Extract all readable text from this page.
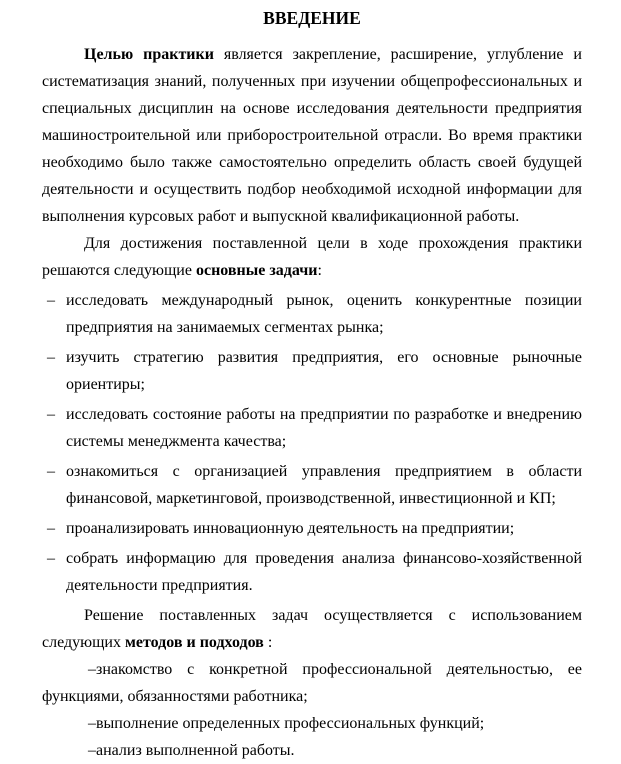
ВВЕДЕНИЕ

Целью практики является закрепление, расширение, углубление и систематизация знаний, полученных при изучении общепрофессиональных и специальных дисциплин на основе исследования деятельности предприятия машиностроительной или приборостроительной отрасли. Во время практики необходимо было также самостоятельно определить область своей будущей деятельности и осуществить подбор необходимой исходной информации для выполнения курсовых работ и выпускной квалификационной работы.

Для достижения поставленной цели в ходе прохождения практики решаются следующие основные задачи:

– исследовать международный рынок, оценить конкурентные позиции предприятия на занимаемых сегментах рынка;
– изучить стратегию развития предприятия, его основные рыночные ориентиры;
– исследовать состояние работы на предприятии по разработке и внедрению системы менеджмента качества;
– ознакомиться с организацией управления предприятием в области финансовой, маркетинговой, производственной, инвестиционной и КП;
– проанализировать инновационную деятельность на предприятии;
– собрать информацию для проведения анализа финансово-хозяйственной деятельности предприятия.

Решение поставленных задач осуществляется с использованием следующих методов и подходов :

–знакомство с конкретной профессиональной деятельностью, ее функциями, обязанностями работника;

–выполнение определенных профессиональных функций;

–анализ выполненной работы.
